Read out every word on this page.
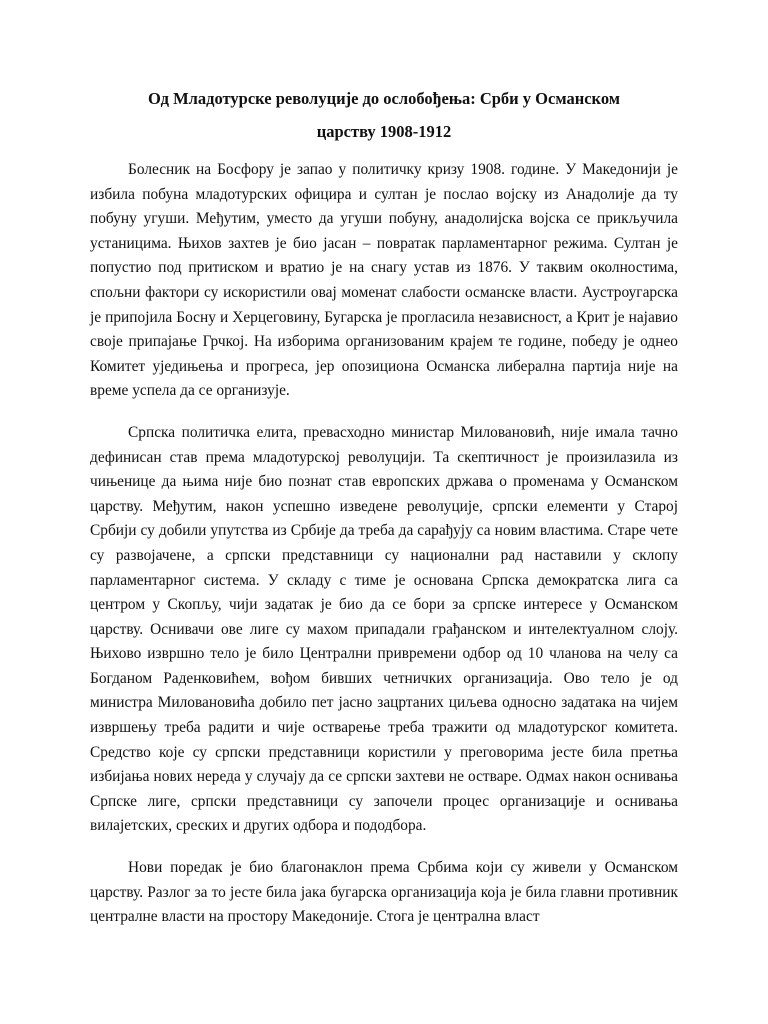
Од Младотурске револуције до ослобођења: Срби у Османском
царству 1908-1912

Болесник на Босфору је запао у политичку кризу 1908. године. У Македонији је избила побуна младотурских официра и султан је послао војску из Анадолије да ту побуну угуши. Међутим, уместо да угуши побуну, анадолијска војска се прикључила устаницима. Њихов захтев је био јасан – повратак парламентарног режима. Султан је попустио под притиском и вратио је на снагу устав из 1876. У таквим околностима, спољни фактори су искористили овај моменат слабости османске власти. Аустроугарска је припојила Босну и Херцеговину, Бугарска је прогласила независност, а Крит је најавио своје припајање Грчкој. На изборима организованим крајем те године, победу је однео Комитет уједињења и прогреса, јер опозициона Османска либерална партија није на време успела да се организује.

Српска политичка елита, превасходно министар Миловановић, није имала тачно дефинисан став према младотурској револуцији. Та скептичност је произилазила из чињенице да њима није био познат став европских држава о променама у Османском царству. Међутим, након успешно изведене револуције, српски елементи у Старој Србији су добили упутства из Србије да треба да сарађују са новим властима. Старе чете су развојачене, а српски представници су национални рад наставили у склопу парламентарног система. У складу с тиме је основана Српска демократска лига са центром у Скопљу, чији задатак је био да се бори за српске интересе у Османском царству. Оснивачи ове лиге су махом припадали грађанском и интелектуалном слоју. Њихово извршно тело је било Централни привремени одбор од 10 чланова на челу са Богданом Раденковићем, вођом бивших четничких организација. Ово тело је од министра Миловановића добило пет јасно зацртаних циљева односно задатака на чијем извршењу треба радити и чије остварење треба тражити од младотурског комитета. Средство које су српски представници користили у преговорима јесте била претња избијања нових нереда у случају да се српски захтеви не остваре. Одмах након оснивања Српске лиге, српски представници су започели процес организације и оснивања вилајетских, среских и других одбора и пододбора.

Нови поредак је био благонаклон према Србима који су живели у Османском царству. Разлог за то јесте била јака бугарска организација која је била главни противник централне власти на простору Македоније. Стога је централна власт
